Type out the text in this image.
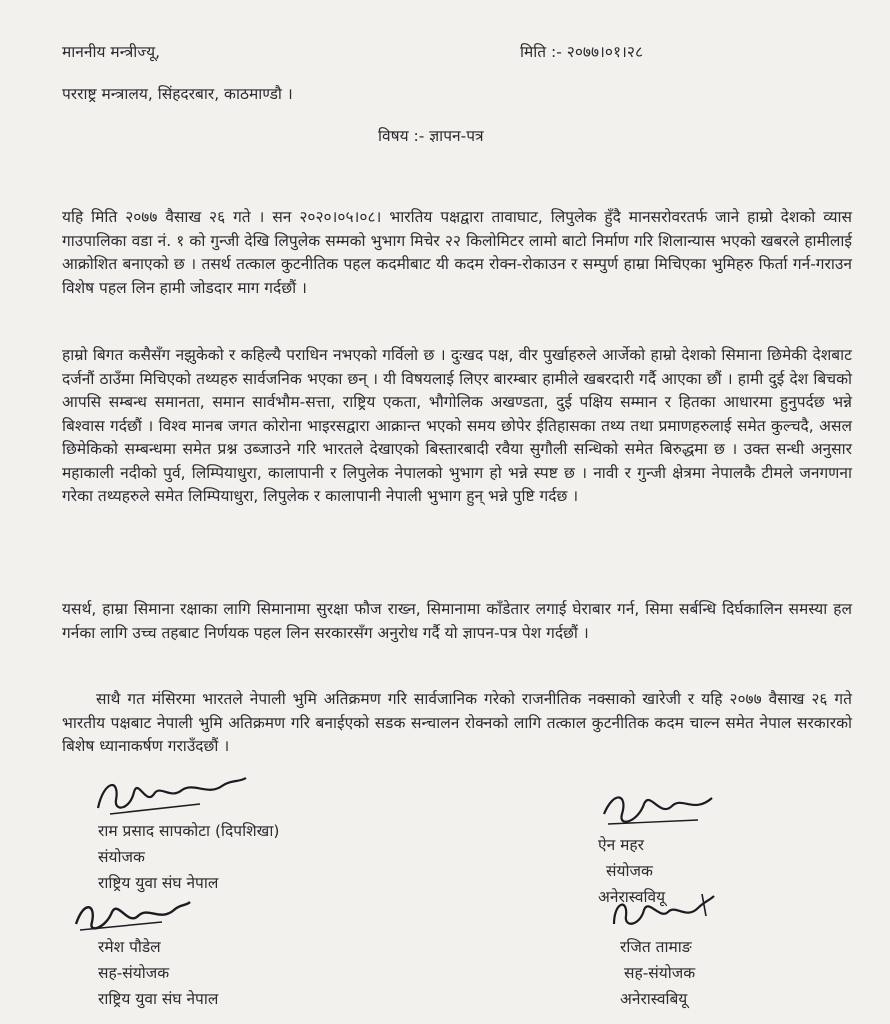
माननीय मन्त्रीज्यू,	मिति :- २०७७।०१।२८
परराष्ट्र मन्त्रालय, सिंहदरबार, काठमाण्डौ ।
विषय :- ज्ञापन-पत्र
यहि मिति २०७७ वैसाख २६ गते । सन २०२०।०५।०८। भारतिय पक्षद्वारा तावाघाट, लिपुलेक हुँदै मानसरोवरतर्फ जाने हाम्रो देशको व्यास गाउपालिका वडा नं. १ को गुन्जी देखि लिपुलेक सम्मको भुभाग मिचेर २२ किलोमिटर लामो बाटो निर्माण गरि शिलान्यास भएको खबरले हामीलाई आक्रोशित बनाएको छ । तसर्थ तत्काल कुटनीतिक पहल कदमीबाट यी कदम रोक्न-रोकाउन र सम्पुर्ण हाम्रा मिचिएका भुमिहरु फिर्ता गर्न-गराउन विशेष पहल लिन हामी जोडदार माग गर्दछौं ।
हाम्रो बिगत कसैसँग नझुकेको र कहिल्यै पराधिन नभएको गर्विलो छ । दुःखद पक्ष, वीर पुर्खाहरुले आर्जेको हाम्रो देशको सिमाना छिमेकी देशबाट दर्जनौं ठाउँमा मिचिएको तथ्यहरु सार्वजनिक भएका छन् । यी विषयलाई लिएर बारम्बार हामीले खबरदारी गर्दै आएका छौं । हामी दुई देश बिचको आपसि सम्बन्ध समानता, समान सार्वभौम-सत्ता, राष्ट्रिय एकता, भौगोलिक अखण्डता, दुई पक्षिय सम्मान र हितका आधारमा हुनुपर्दछ भन्ने बिश्वास गर्दछौं । विश्व मानब जगत कोरोना भाइरसद्वारा आक्रान्त भएको समय छोपेर ईतिहासका तथ्य तथा प्रमाणहरुलाई समेत कुल्चदै, असल छिमेकिको सम्बन्धमा समेत प्रश्न उब्जाउने गरि भारतले देखाएको बिस्तारबादी रवैया सुगौली सन्धिको समेत बिरुद्धमा छ । उक्त सन्धी अनुसार महाकाली नदीको पुर्व, लिम्पियाधुरा, कालापानी र लिपुलेक नेपालको भुभाग हो भन्ने स्पष्ट छ । नावी र गुन्जी क्षेत्रमा नेपालकै टीमले जनगणना गरेका तथ्यहरुले समेत लिम्पियाधुरा, लिपुलेक र कालापानी नेपाली भुभाग हुन् भन्ने पुष्टि गर्दछ ।
यसर्थ, हाम्रा सिमाना रक्षाका लागि सिमानामा सुरक्षा फौज राख्न, सिमानामा काँडेतार लगाई घेराबार गर्न, सिमा सर्बन्धि दिर्घकालिन समस्या हल गर्नका लागि उच्च तहबाट निर्णयक पहल लिन सरकारसँग अनुरोध गर्दै यो ज्ञापन-पत्र पेश गर्दछौं ।
साथै गत मंसिरमा भारतले नेपाली भुमि अतिक्रमण गरि सार्वजानिक गरेको राजनीतिक नक्साको खारेजी र यहि २०७७ वैसाख २६ गते भारतीय पक्षबाट नेपाली भुमि अतिक्रमण गरि बनाईएको सडक सन्चालन रोक्नको लागि तत्काल कुटनीतिक कदम चाल्न समेत नेपाल सरकारको बिशेष ध्यानाकर्षण गराउँदछौं ।
राम प्रसाद सापकोटा (दिपशिखा)
संयोजक
राष्ट्रिय युवा संघ नेपाल
ऐन महर
संयोजक
अनेरास्ववियू
रमेश पौडेल
सह-संयोजक
राष्ट्रिय युवा संघ नेपाल
रजित तामाङ
सह-संयोजक
अनेरास्वबियू
